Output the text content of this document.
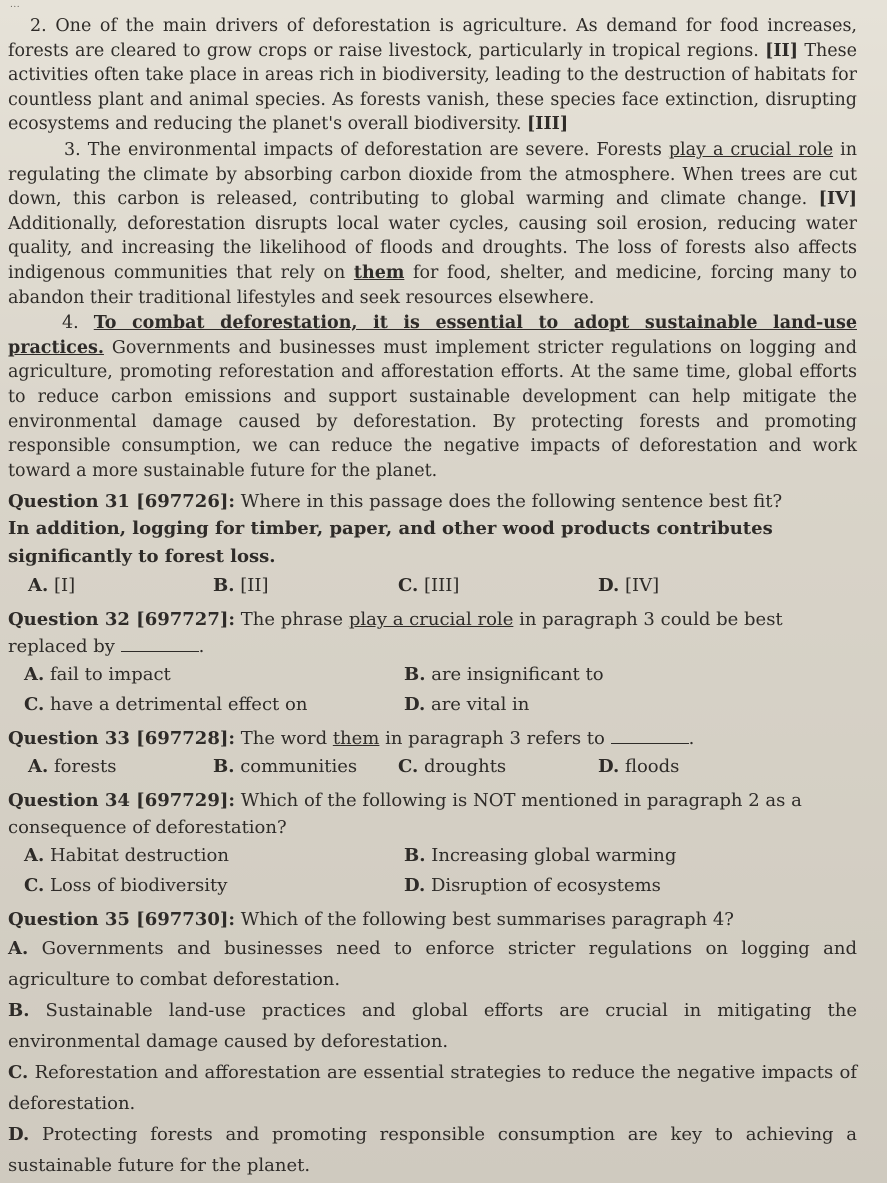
...

2. One of the main drivers of deforestation is agriculture. As demand for food increases, forests are cleared to grow crops or raise livestock, particularly in tropical regions. [II] These activities often take place in areas rich in biodiversity, leading to the destruction of habitats for countless plant and animal species. As forests vanish, these species face extinction, disrupting ecosystems and reducing the planet's overall biodiversity. [III]

3. The environmental impacts of deforestation are severe. Forests play a crucial role in regulating the climate by absorbing carbon dioxide from the atmosphere. When trees are cut down, this carbon is released, contributing to global warming and climate change. [IV] Additionally, deforestation disrupts local water cycles, causing soil erosion, reducing water quality, and increasing the likelihood of floods and droughts. The loss of forests also affects indigenous communities that rely on them for food, shelter, and medicine, forcing many to abandon their traditional lifestyles and seek resources elsewhere.

4. To combat deforestation, it is essential to adopt sustainable land-use practices. Governments and businesses must implement stricter regulations on logging and agriculture, promoting reforestation and afforestation efforts. At the same time, global efforts to reduce carbon emissions and support sustainable development can help mitigate the environmental damage caused by deforestation. By protecting forests and promoting responsible consumption, we can reduce the negative impacts of deforestation and work toward a more sustainable future for the planet.

Question 31 [697726]: Where in this passage does the following sentence best fit?

In addition, logging for timber, paper, and other wood products contributes significantly to forest loss.

A. [I]	B. [II]	C. [III]	D. [IV]

Question 32 [697727]: The phrase play a crucial role in paragraph 3 could be best replaced by	.

A. fail to impact	B. are insignificant to
C. have a detrimental effect on	D. are vital in

Question 33 [697728]: The word them in paragraph 3 refers to	.

A. forests	B. communities	C. droughts	D. floods

Question 34 [697729]: Which of the following is NOT mentioned in paragraph 2 as a consequence of deforestation?

A. Habitat destruction	B. Increasing global warming
C. Loss of biodiversity	D. Disruption of ecosystems

Question 35 [697730]: Which of the following best summarises paragraph 4?

A. Governments and businesses need to enforce stricter regulations on logging and agriculture to combat deforestation.

B. Sustainable land-use practices and global efforts are crucial in mitigating the environmental damage caused by deforestation.

C. Reforestation and afforestation are essential strategies to reduce the negative impacts of deforestation.

D. Protecting forests and promoting responsible consumption are key to achieving a sustainable future for the planet.
